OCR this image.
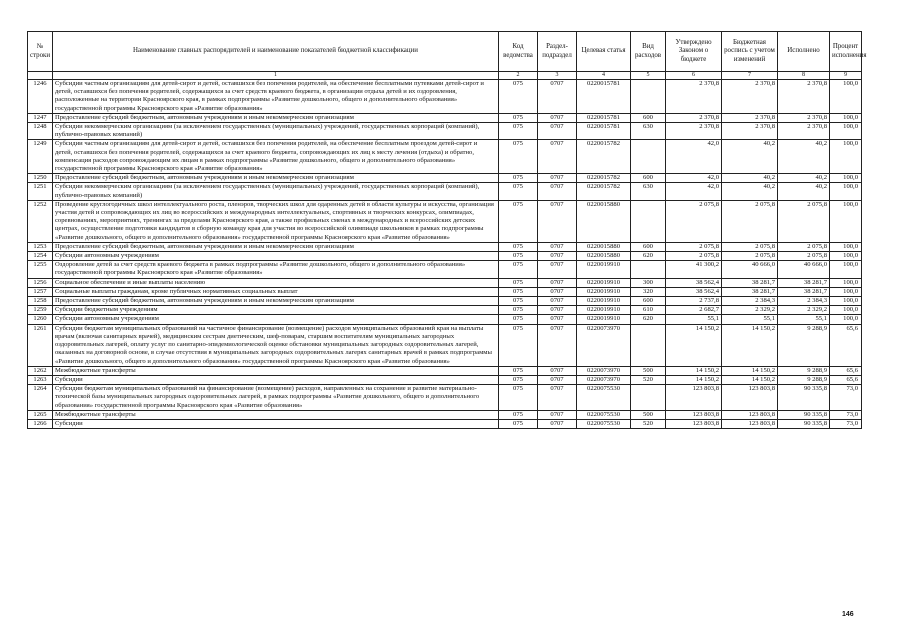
№ строки	Наименование главных распорядителей и наименование показателей бюджетной классификации	Код ведомства	Раздел-подраздел	Целевая статья	Вид расходов	Утверждено Законом о бюджете	Бюджетная роспись с учетом изменений	Исполнено	Процент исполнения
	1	2	3	4	5	6	7	8	9
1246	Субсидии частным организациям для детей-сирот и детей, оставшихся без попечения родителей, на обеспечение бесплатными путевками детей-сирот и детей, оставшихся без попечения родителей, содержащихся за счет средств краевого бюджета, в организации отдыха детей и их оздоровления, расположенные на территории Красноярского края, в рамках подпрограммы «Развитие дошкольного, общего и дополнительного образования» государственной программы Красноярского края «Развитие образования»	075	0707	0220015781		2 370,8	2 370,8	2 370,8	100,0
1247	Предоставление субсидий бюджетным, автономным учреждениям и иным некоммерческим организациям	075	0707	0220015781	600	2 370,8	2 370,8	2 370,8	100,0
1248	Субсидии некоммерческим организациям (за исключением государственных (муниципальных) учреждений, государственных корпораций (компаний), публично-правовых компаний)	075	0707	0220015781	630	2 370,8	2 370,8	2 370,8	100,0
1249	Субсидии частным организациям для детей-сирот и детей, оставшихся без попечения родителей, на обеспечение бесплатным проездом детей-сирот и детей, оставшихся без попечения родителей, содержащихся за счет краевого бюджета, сопровождающих их лиц к месту лечения (отдыха) и обратно, компенсация расходов сопровождающим их лицам в рамках подпрограммы «Развитие дошкольного, общего и дополнительного образования» государственной программы Красноярского края «Развитие образования»	075	0707	0220015782		42,0	40,2	40,2	100,0
1250	Предоставление субсидий бюджетным, автономным учреждениям и иным некоммерческим организациям	075	0707	0220015782	600	42,0	40,2	40,2	100,0
1251	Субсидии некоммерческим организациям (за исключением государственных (муниципальных) учреждений, государственных корпораций (компаний), публично-правовых компаний)	075	0707	0220015782	630	42,0	40,2	40,2	100,0
1252	Проведение круглогодичных школ интеллектуального роста, пленэров, творческих школ для одаренных детей в области культуры и искусства, организация участия детей и сопровождающих их лиц во всероссийских и международных интеллектуальных, спортивных и творческих конкурсах, олимпиадах, соревнованиях, мероприятиях, тренингах за пределами Красноярского края, а также профильных сменах в международных и всероссийских детских центрах, осуществление подготовки кандидатов в сборную команду края для участия во всероссийской олимпиаде школьников в рамках подпрограммы «Развитие дошкольного, общего и дополнительного образования» государственной программы Красноярского края «Развитие образования»	075	0707	0220015880		2 075,8	2 075,8	2 075,8	100,0
1253	Предоставление субсидий бюджетным, автономным учреждениям и иным некоммерческим организациям	075	0707	0220015880	600	2 075,8	2 075,8	2 075,8	100,0
1254	Субсидии автономным учреждениям	075	0707	0220015880	620	2 075,8	2 075,8	2 075,8	100,0
1255	Оздоровление детей за счет средств краевого бюджета в рамках подпрограммы «Развитие дошкольного, общего и дополнительного образования» государственной программы Красноярского края «Развитие образования»	075	0707	0220019910		41 300,2	40 666,0	40 666,0	100,0
1256	Социальное обеспечение и иные выплаты населению	075	0707	0220019910	300	38 562,4	38 281,7	38 281,7	100,0
1257	Социальные выплаты гражданам, кроме публичных нормативных социальных выплат	075	0707	0220019910	320	38 562,4	38 281,7	38 281,7	100,0
1258	Предоставление субсидий бюджетным, автономным учреждениям и иным некоммерческим организациям	075	0707	0220019910	600	2 737,8	2 384,3	2 384,3	100,0
1259	Субсидии бюджетным учреждениям	075	0707	0220019910	610	2 682,7	2 329,2	2 329,2	100,0
1260	Субсидии автономным учреждениям	075	0707	0220019910	620	55,1	55,1	55,1	100,0
1261	Субсидии бюджетам муниципальных образований на частичное финансирование (возмещение) расходов муниципальных образований края на выплаты врачам (включая санитарных врачей), медицинским сестрам диетическим, шеф-поварам, старшим воспитателям муниципальных загородных оздоровительных лагерей, оплату услуг по санитарно-эпидемиологической оценке обстановки муниципальных загородных оздоровительных лагерей, оказанных на договорной основе, в случае отсутствия в муниципальных загородных оздоровительных лагерях санитарных врачей в рамках подпрограммы «Развитие дошкольного, общего и дополнительного образования» государственной программы Красноярского края «Развитие образования»	075	0707	0220073970		14 150,2	14 150,2	9 288,9	65,6
1262	Межбюджетные трансферты	075	0707	0220073970	500	14 150,2	14 150,2	9 288,9	65,6
1263	Субсидии	075	0707	0220073970	520	14 150,2	14 150,2	9 288,9	65,6
1264	Субсидии бюджетам муниципальных образований на финансирование (возмещение) расходов, направленных на сохранение и развитие материально-технической базы муниципальных загородных оздоровительных лагерей, в рамках подпрограммы «Развитие дошкольного, общего и дополнительного образования» государственной программы Красноярского края «Развитие образования»	075	0707	0220075530		123 803,8	123 803,8	90 335,8	73,0
1265	Межбюджетные трансферты	075	0707	0220075530	500	123 803,8	123 803,8	90 335,8	73,0
1266	Субсидии	075	0707	0220075530	520	123 803,8	123 803,8	90 335,8	73,0
146
